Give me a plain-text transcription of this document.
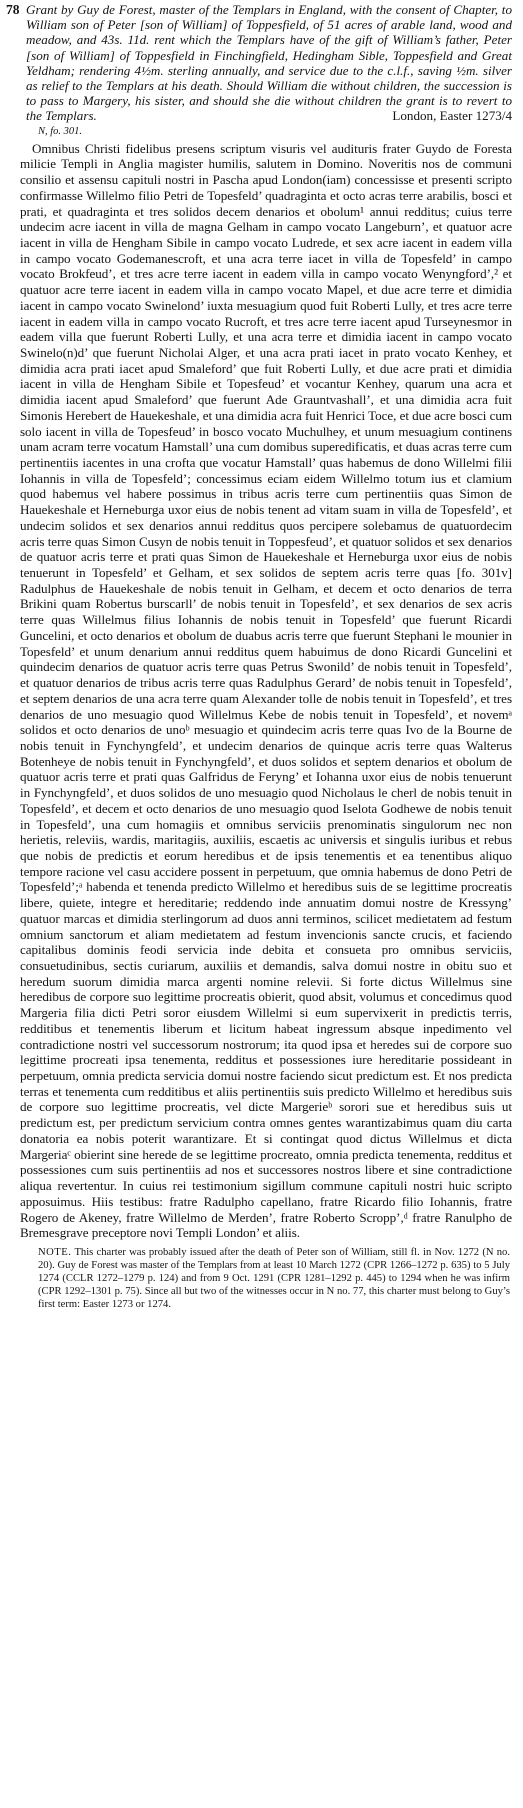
78 Grant by Guy de Forest, master of the Templars in England, with the consent of Chapter, to William son of Peter [son of William] of Toppesfield, of 51 acres of arable land, wood and meadow, and 43s. 11d. rent which the Templars have of the gift of William’s father, Peter [son of William] of Toppesfield in Finchingfield, Hedingham Sible, Toppesfield and Great Yeldham; rendering 4½m. sterling annually, and service due to the c.l.f., saving ½m. silver as relief to the Templars at his death. Should William die without children, the succession is to pass to Margery, his sister, and should she die without children the grant is to revert to the Templars.	London, Easter 1273/4
N, fo. 301.

Omnibus Christi fidelibus presens scriptum visuris vel audituris frater Guydo de Foresta milicie Templi in Anglia magister humilis, salutem in Domino. Noveritis nos de communi consilio et assensu capituli nostri in Pascha apud London(iam) concessisse et presenti scripto confirmasse Willelmo filio Petri de Topesfeld’ quadraginta et octo acras terre arabilis, bosci et prati, et quadraginta et tres solidos decem denarios et obolum¹ annui redditus; cuius terre undecim acre iacent in villa de magna Gelham in campo vocato Langeburn’, et quatuor acre iacent in villa de Hengham Sibile in campo vocato Ludrede, et sex acre iacent in eadem villa in campo vocato Godemanescroft, et una acra terre iacet in villa de Topesfeld’ in campo vocato Brokfeud’, et tres acre terre iacent in eadem villa in campo vocato Wenyngford’,² et quatuor acre terre iacent in eadem villa in campo vocato Mapel, et due acre terre et dimidia iacent in campo vocato Swinelond’ iuxta mesuagium quod fuit Roberti Lully, et tres acre terre iacent in eadem villa in campo vocato Rucroft, et tres acre terre iacent apud Turseynesmor in eadem villa que fuerunt Roberti Lully, et una acra terre et dimidia iacent in campo vocato Swinelo(n)d’ que fuerunt Nicholai Alger, et una acra prati iacet in prato vocato Kenhey, et dimidia acra prati iacet apud Smaleford’ que fuit Roberti Lully, et due acre prati et dimidia iacent in villa de Hengham Sibile et Topesfeud’ et vocantur Kenhey, quarum una acra et dimidia iacent apud Smaleford’ que fuerunt Ade Grauntvashall’, et una dimidia acra fuit Simonis Herebert de Hauekeshale, et una dimidia acra fuit Henrici Toce, et due acre bosci cum solo iacent in villa de Topesfeud’ in bosco vocato Muchulhey, et unum mesuagium continens unam acram terre vocatum Hamstall’ una cum domibus superedificatis, et duas acras terre cum pertinentiis iacentes in una crofta que vocatur Hamstall’ quas habemus de dono Willelmi filii Iohannis in villa de Topesfeld’; concessimus eciam eidem Willelmo totum ius et clamium quod habemus vel habere possimus in tribus acris terre cum pertinentiis quas Simon de Hauekeshale et Herneburga uxor eius de nobis tenent ad vitam suam in villa de Topesfeld’, et undecim solidos et sex denarios annui redditus quos percipere solebamus de quatuordecim acris terre quas Simon Cusyn de nobis tenuit in Toppesfeud’, et quatuor solidos et sex denarios de quatuor acris terre et prati quas Simon de Hauekeshale et Herneburga uxor eius de nobis tenuerunt in Topesfeld’ et Gelham, et sex solidos de septem acris terre quas [fo. 301v] Radulphus de Hauekeshale de nobis tenuit in Gelham, et decem et octo denarios de terra Brikini quam Robertus burscarll’ de nobis tenuit in Topesfeld’, et sex denarios de sex acris terre quas Willelmus filius Iohannis de nobis tenuit in Topesfeld’ que fuerunt Ricardi Guncelini, et octo denarios et obolum de duabus acris terre que fuerunt Stephani le mounier in Topesfeld’ et unum denarium annui redditus quem habuimus de dono Ricardi Guncelini et quindecim denarios de quatuor acris terre quas Petrus Swonild’ de nobis tenuit in Topesfeld’, et quatuor denarios de tribus acris terre quas Radulphus Gerard’ de nobis tenuit in Topesfeld’, et septem denarios de una acra terre quam Alexander tolle de nobis tenuit in Topesfeld’, et tres denarios de uno mesuagio quod Willelmus Kebe de nobis tenuit in Topesfeld’, et novemᵃ solidos et octo denarios de unoᵇ mesuagio et quindecim acris terre quas Ivo de la Bourne de nobis tenuit in Fynchyngfeld’, et undecim denarios de quinque acris terre quas Walterus Botenheye de nobis tenuit in Fynchyngfeld’, et duos solidos et septem denarios et obolum de quatuor acris terre et prati quas Galfridus de Feryng’ et Iohanna uxor eius de nobis tenuerunt in Fynchyngfeld’, et duos solidos de uno mesuagio quod Nicholaus le cherl de nobis tenuit in Topesfeld’, et decem et octo denarios de uno mesuagio quod Iselota Godhewe de nobis tenuit in Topesfeld’, una cum homagiis et omnibus serviciis prenominatis singulorum nec non herietis, releviis, wardis, maritagiis, auxiliis, escaetis ac universis et singulis iuribus et rebus que nobis de predictis et eorum heredibus et de ipsis tenementis et ea tenentibus aliquo tempore racione vel casu accidere possent in perpetuum, que omnia habemus de dono Petri de Topesfeld’;ᵃ habenda et tenenda predicto Willelmo et heredibus suis de se legittime procreatis libere, quiete, integre et hereditarie; reddendo inde annuatim domui nostre de Kressyng’ quatuor marcas et dimidia sterlingorum ad duos anni terminos, scilicet medietatem ad festum omnium sanctorum et aliam medietatem ad festum invencionis sancte crucis, et faciendo capitalibus dominis feodi servicia inde debita et consueta pro omnibus serviciis, consuetudinibus, sectis curiarum, auxiliis et demandis, salva domui nostre in obitu suo et heredum suorum dimidia marca argenti nomine relevii. Si forte dictus Willelmus sine heredibus de corpore suo legittime procreatis obierit, quod absit, volumus et concedimus quod Margeria filia dicti Petri soror eiusdem Willelmi si eum supervixerit in predictis terris, redditibus et tenementis liberum et licitum habeat ingressum absque inpedimento vel contradictione nostri vel successorum nostrorum; ita quod ipsa et heredes sui de corpore suo legittime procreati ipsa tenementa, redditus et possessiones iure hereditarie possideant in perpetuum, omnia predicta servicia domui nostre faciendo sicut predictum est. Et nos predicta terras et tenementa cum redditibus et aliis pertinentiis suis predicto Willelmo et heredibus suis de corpore suo legittime procreatis, vel dicte Margerieᵇ sorori sue et heredibus suis ut predictum est, per predictum servicium contra omnes gentes warantizabimus quam diu carta donatoria ea nobis poterit warantizare. Et si contingat quod dictus Willelmus et dicta Margeriaᶜ obierint sine herede de se legittime procreato, omnia predicta tenementa, redditus et possessiones cum suis pertinentiis ad nos et successores nostros libere et sine contradictione aliqua revertentur. In cuius rei testimonium sigillum commune capituli nostri huic scripto apposuimus. Hiis testibus: fratre Radulpho capellano, fratre Ricardo filio Iohannis, fratre Rogero de Akeney, fratre Willelmo de Merden’, fratre Roberto Scropp’,ᵈ fratre Ranulpho de Bremesgrave preceptore novi Templi London’ et aliis.

NOTE. This charter was probably issued after the death of Peter son of William, still fl. in Nov. 1272 (N no. 20). Guy de Forest was master of the Templars from at least 10 March 1272 (CPR 1266–1272 p. 635) to 5 July 1274 (CCLR 1272–1279 p. 124) and from 9 Oct. 1291 (CPR 1281–1292 p. 445) to 1294 when he was infirm (CPR 1292–1301 p. 75). Since all but two of the witnesses occur in N no. 77, this charter must belong to Guy’s first term: Easter 1273 or 1274.
